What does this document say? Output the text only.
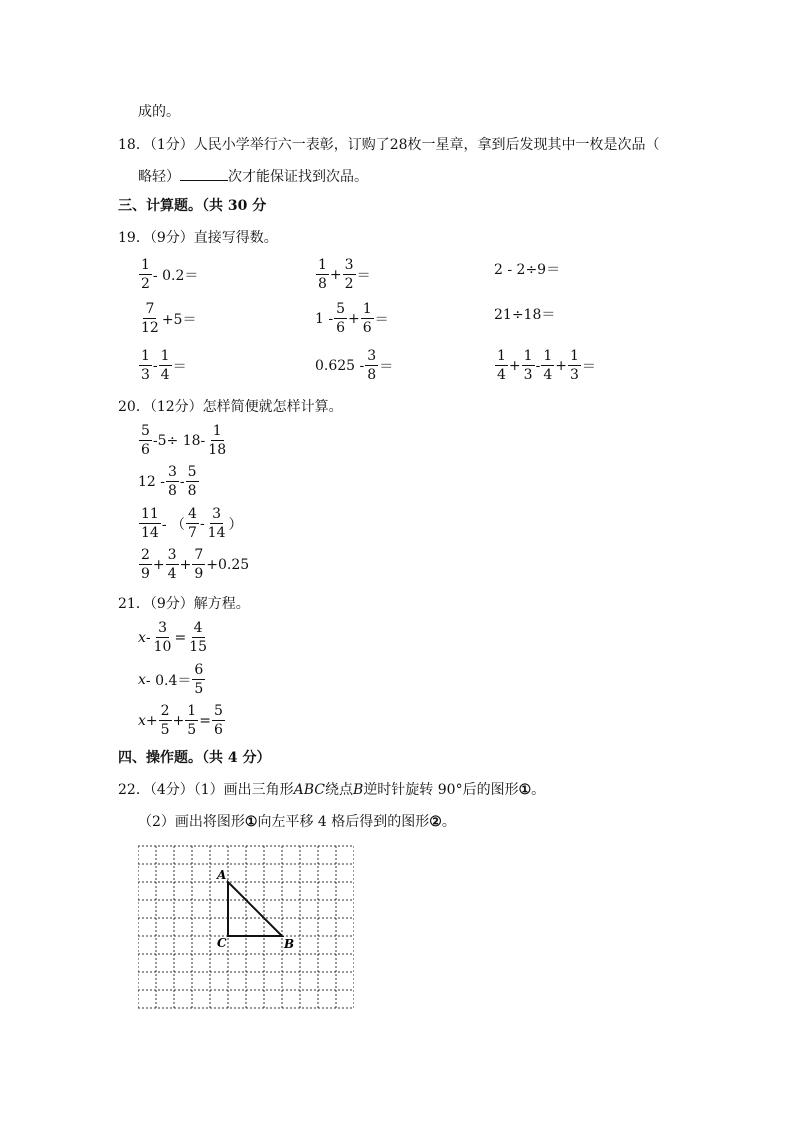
成的。
18．（1分）人民小学举行六一表彰，订购了28枚一星章，拿到后发现其中一枚是次品（
略轻）	次才能保证找到次品。
三、计算题。（共 30 分
19．（9分）直接写得数。
$\frac{1}{2} - 0.2=$	$\frac{1}{8} + \frac{3}{2}$ ＝	2 - 2÷9＝
$\frac{7}{12} +5=$	$1 - \frac{5}{6} + \frac{1}{6}$ ＝	21÷18＝
$\frac{1}{3} - \frac{1}{4}$ ＝	$0.625 - \frac{3}{8}$ ＝	$\frac{1}{4} + \frac{1}{3} - \frac{1}{4} + \frac{1}{3}$ ＝
20．（12分）怎样简便就怎样计算。
$\frac{5}{6} -5\div 18- \frac{1}{18}$
$12 - \frac{3}{8} - \frac{5}{8}$
$\frac{11}{14}$ - （ $\frac{4}{7} - \frac{3}{14}$ ）
$\frac{2}{9} + \frac{3}{4} + \frac{7}{9} +0.25$
21．（9分）解方程。
$x - \frac{3}{10} = \frac{4}{15}$
$x - 0.4= \frac{6}{5}$
$x + \frac{2}{5} + \frac{1}{5} = \frac{5}{6}$
四、操作题。（共 4 分）
22．（4分）（1）画出三角形ABC绕点B逆时针旋转 90°后的图形①。
（2）画出将图形①向左平移 4 格后得到的图形②。
A
B
C
